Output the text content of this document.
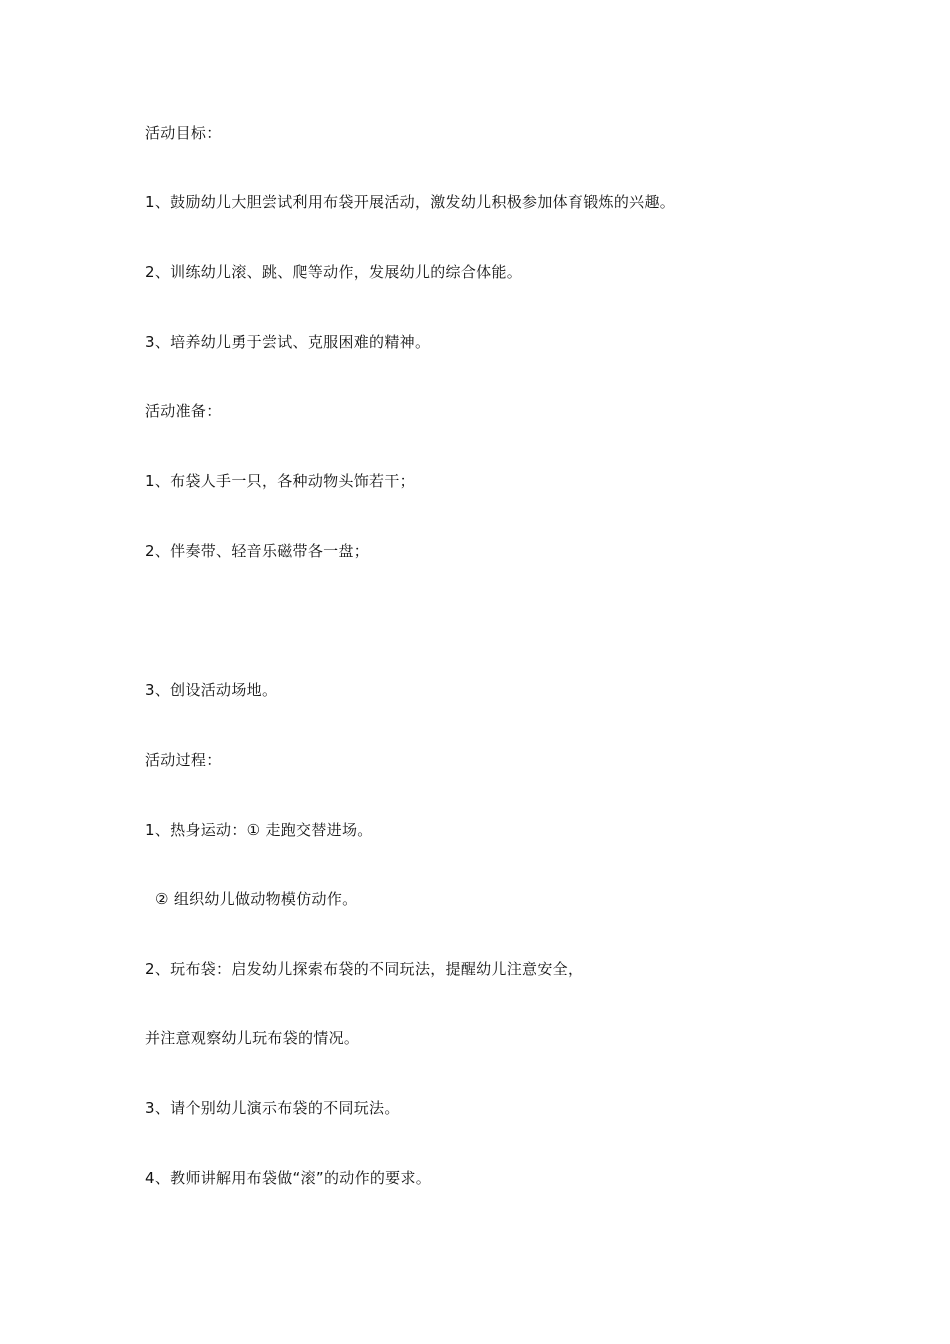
活动目标：
1、鼓励幼儿大胆尝试利用布袋开展活动，激发幼儿积极参加体育锻炼的兴趣。
2、训练幼儿滚、跳、爬等动作，发展幼儿的综合体能。
3、培养幼儿勇于尝试、克服困难的精神。
活动准备：
1、布袋人手一只，各种动物头饰若干；
2、伴奏带、轻音乐磁带各一盘；
3、创设活动场地。
活动过程：
1、热身运动：① 走跑交替进场。
② 组织幼儿做动物模仿动作。
2、玩布袋：启发幼儿探索布袋的不同玩法，提醒幼儿注意安全，
并注意观察幼儿玩布袋的情况。
3、请个别幼儿演示布袋的不同玩法。
4、教师讲解用布袋做“滚”的动作的要求。
